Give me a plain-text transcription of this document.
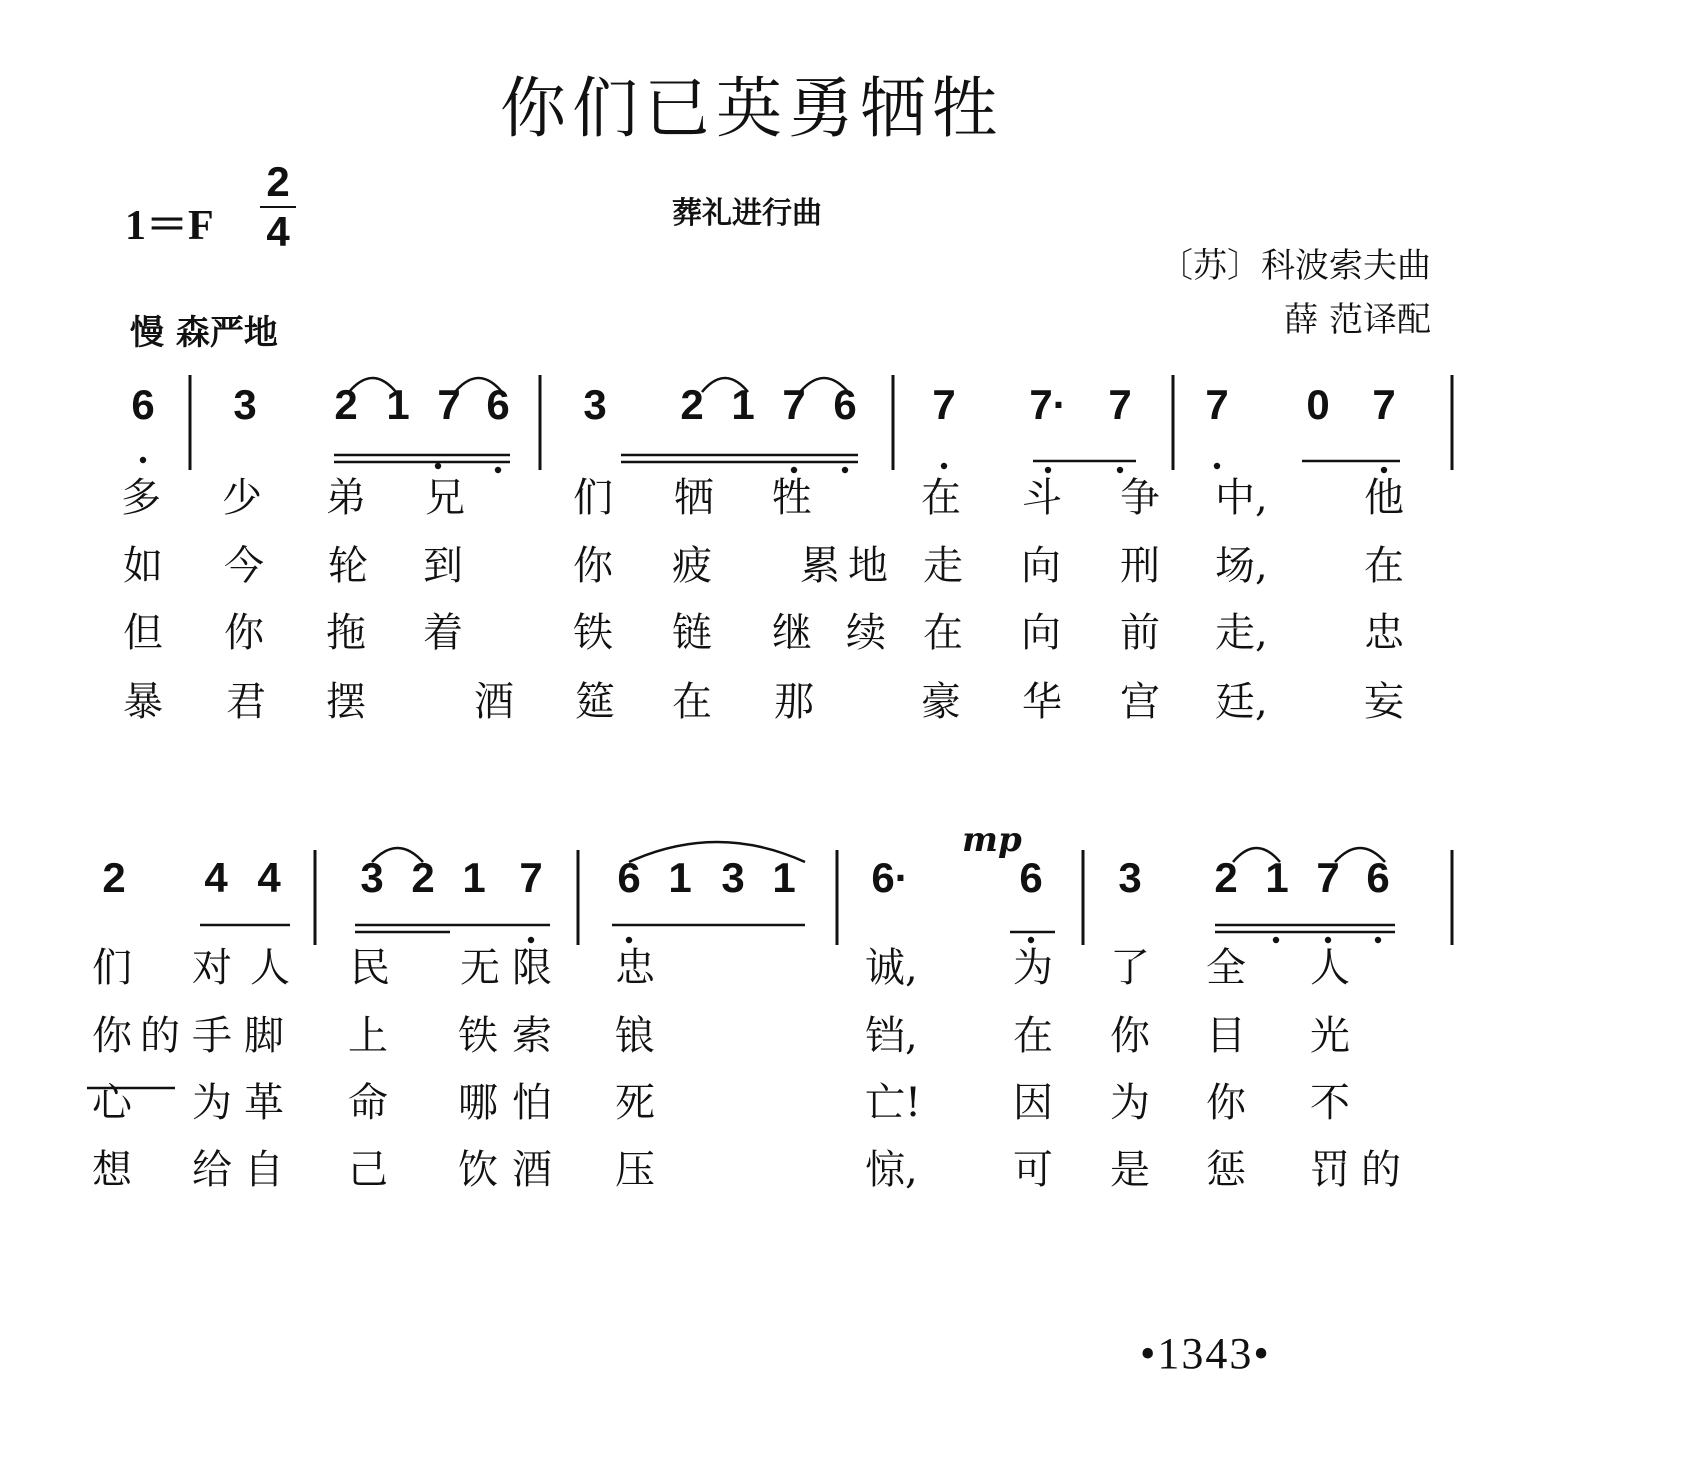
你们已英勇牺牲
葬礼进行曲
1＝F
2
4
慢 森严地
〔苏〕科波索夫曲
薛 范译配
mp
6	3	2 1 7 6	3	2 1 7 6	7	7· 7	7	0	7
2	4 4	3 2 1 7	6 1 3 1	6·	6	3	2 1 7 6
多 少 弟 兄	们 牺 牲	在 斗 争 中, 他
如 今 轮 到	你 疲 累 地 走 向 刑 场, 在
但 你 拖 着	铁 链 继 续 在 向 前 走, 忠
暴 君 摆	酒 筵 在 那	豪 华 宫 廷, 妄
们 对 人 民 无 限 忠	诚, 为 了 全 人
你 的 手 脚 上 铁 索 锒	铛, 在 你 目 光
心 为 革 命 哪 怕 死	亡! 因 为 你 不
想 给 自 己 饮 酒 压	惊, 可 是 惩 罚 的
•1343•
